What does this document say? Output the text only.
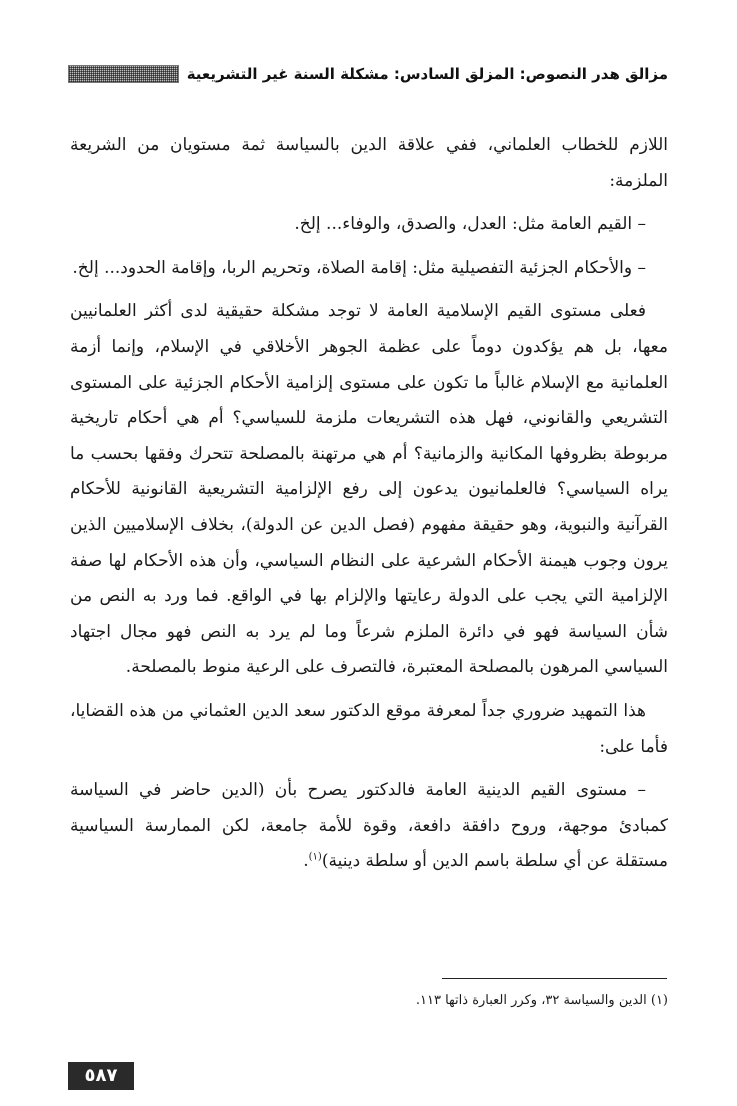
مزالق هدر النصوص: المزلق السادس: مشكلة السنة غير التشريعية

اللازم للخطاب العلماني، ففي علاقة الدين بالسياسة ثمة مستويان من الشريعة الملزمة:

– القيم العامة مثل: العدل، والصدق، والوفاء... إلخ.

– والأحكام الجزئية التفصيلية مثل: إقامة الصلاة، وتحريم الربا، وإقامة الحدود... إلخ.

فعلى مستوى القيم الإسلامية العامة لا توجد مشكلة حقيقية لدى أكثر العلمانيين معها، بل هم يؤكدون دوماً على عظمة الجوهر الأخلاقي في الإسلام، وإنما أزمة العلمانية مع الإسلام غالباً ما تكون على مستوى إلزامية الأحكام الجزئية على المستوى التشريعي والقانوني، فهل هذه التشريعات ملزمة للسياسي؟ أم هي أحكام تاريخية مربوطة بظروفها المكانية والزمانية؟ أم هي مرتهنة بالمصلحة تتحرك وفقها بحسب ما يراه السياسي؟ فالعلمانيون يدعون إلى رفع الإلزامية التشريعية القانونية للأحكام القرآنية والنبوية، وهو حقيقة مفهوم (فصل الدين عن الدولة)، بخلاف الإسلاميين الذين يرون وجوب هيمنة الأحكام الشرعية على النظام السياسي، وأن هذه الأحكام لها صفة الإلزامية التي يجب على الدولة رعايتها والإلزام بها في الواقع. فما ورد به النص من شأن السياسة فهو في دائرة الملزم شرعاً وما لم يرد به النص فهو مجال اجتهاد السياسي المرهون بالمصلحة المعتبرة، فالتصرف على الرعية منوط بالمصلحة.

هذا التمهيد ضروري جداً لمعرفة موقع الدكتور سعد الدين العثماني من هذه القضايا، فأما على:

– مستوى القيم الدينية العامة فالدكتور يصرح بأن (الدين حاضر في السياسة كمبادئ موجهة، وروح دافقة دافعة، وقوة للأمة جامعة، لكن الممارسة السياسية مستقلة عن أي سلطة باسم الدين أو سلطة دينية)$^{(١)}$.

(١) الدين والسياسة ٣٢، وكرر العبارة ذاتها ١١٣.
٥٨٧
